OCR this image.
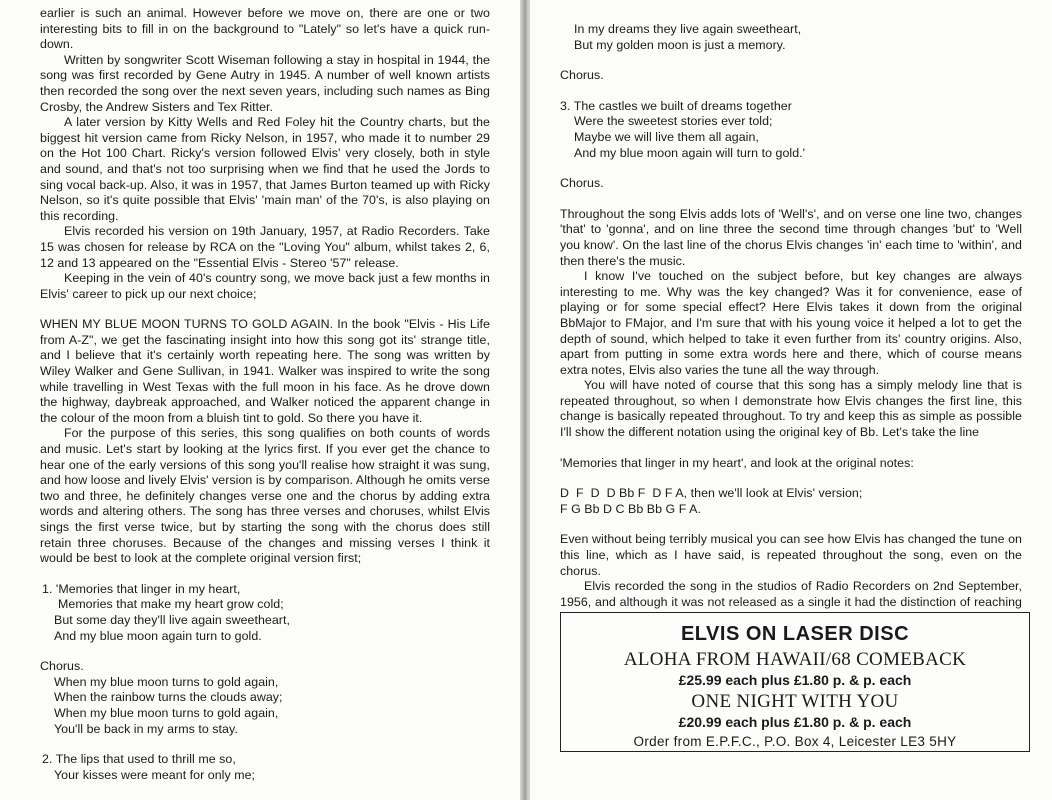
earlier is such an animal. However before we move on, there are one or two interesting bits to fill in on the background to "Lately" so let's have a quick run-down.

Written by songwriter Scott Wiseman following a stay in hospital in 1944, the song was first recorded by Gene Autry in 1945. A number of well known artists then recorded the song over the next seven years, including such names as Bing Crosby, the Andrew Sisters and Tex Ritter.

A later version by Kitty Wells and Red Foley hit the Country charts, but the biggest hit version came from Ricky Nelson, in 1957, who made it to number 29 on the Hot 100 Chart. Ricky's version followed Elvis' very closely, both in style and sound, and that's not too surprising when we find that he used the Jords to sing vocal back-up. Also, it was in 1957, that James Burton teamed up with Ricky Nelson, so it's quite possible that Elvis' 'main man' of the 70's, is also playing on this recording.

Elvis recorded his version on 19th January, 1957, at Radio Recorders. Take 15 was chosen for release by RCA on the "Loving You" album, whilst takes 2, 6, 12 and 13 appeared on the "Essential Elvis - Stereo '57" release.

Keeping in the vein of 40's country song, we move back just a few months in Elvis' career to pick up our next choice;

WHEN MY BLUE MOON TURNS TO GOLD AGAIN. In the book "Elvis - His Life from A-Z", we get the fascinating insight into how this song got its' strange title, and I believe that it's certainly worth repeating here. The song was written by Wiley Walker and Gene Sullivan, in 1941. Walker was inspired to write the song while travelling in West Texas with the full moon in his face. As he drove down the highway, daybreak approached, and Walker noticed the apparent change in the colour of the moon from a bluish tint to gold. So there you have it.

For the purpose of this series, this song qualifies on both counts of words and music. Let's start by looking at the lyrics first. If you ever get the chance to hear one of the early versions of this song you'll realise how straight it was sung, and how loose and lively Elvis' version is by comparison. Although he omits verse two and three, he definitely changes verse one and the chorus by adding extra words and altering others. The song has three verses and choruses, whilst Elvis sings the first verse twice, but by starting the song with the chorus does still retain three choruses. Because of the changes and missing verses I think it would be best to look at the complete original version first;

1. 'Memories that linger in my heart,
Memories that make my heart grow cold;
But some day they'll live again sweetheart,
And my blue moon again turn to gold.
Chorus.
When my blue moon turns to gold again,
When the rainbow turns the clouds away;
When my blue moon turns to gold again,
You'll be back in my arms to stay.
2. The lips that used to thrill me so,
Your kisses were meant for only me;
In my dreams they live again sweetheart,
But my golden moon is just a memory.
Chorus.
3. The castles we built of dreams together
Were the sweetest stories ever told;
Maybe we will live them all again,
And my blue moon again will turn to gold.'
Chorus.

Throughout the song Elvis adds lots of 'Well's', and on verse one line two, changes 'that' to 'gonna', and on line three the second time through changes 'but' to 'Well you know'. On the last line of the chorus Elvis changes 'in' each time to 'within', and then there's the music.

I know I've touched on the subject before, but key changes are always interesting to me. Why was the key changed? Was it for convenience, ease of playing or for some special effect? Here Elvis takes it down from the original BbMajor to FMajor, and I'm sure that with his young voice it helped a lot to get the depth of sound, which helped to take it even further from its' country origins. Also, apart from putting in some extra words here and there, which of course means extra notes, Elvis also varies the tune all the way through.

You will have noted of course that this song has a simply melody line that is repeated throughout, so when I demonstrate how Elvis changes the first line, this change is basically repeated throughout. To try and keep this as simple as possible I'll show the different notation using the original key of Bb. Let's take the line

'Memories that linger in my heart', and look at the original notes:

D  F  D  D Bb F  D F A, then we'll look at Elvis' version;

F G Bb D C Bb Bb G F A.

Even without being terribly musical you can see how Elvis has changed the tune on this line, which as I have said, is repeated throughout the song, even on the chorus.

Elvis recorded the song in the studios of Radio Recorders on 2nd September, 1956, and although it was not released as a single it had the distinction of reaching

ELVIS ON LASER DISC
ALOHA FROM HAWAII/68 COMEBACK
£25.99 each plus £1.80 p. & p. each
ONE NIGHT WITH YOU
£20.99 each plus £1.80 p. & p. each
Order from E.P.F.C., P.O. Box 4, Leicester LE3 5HY
